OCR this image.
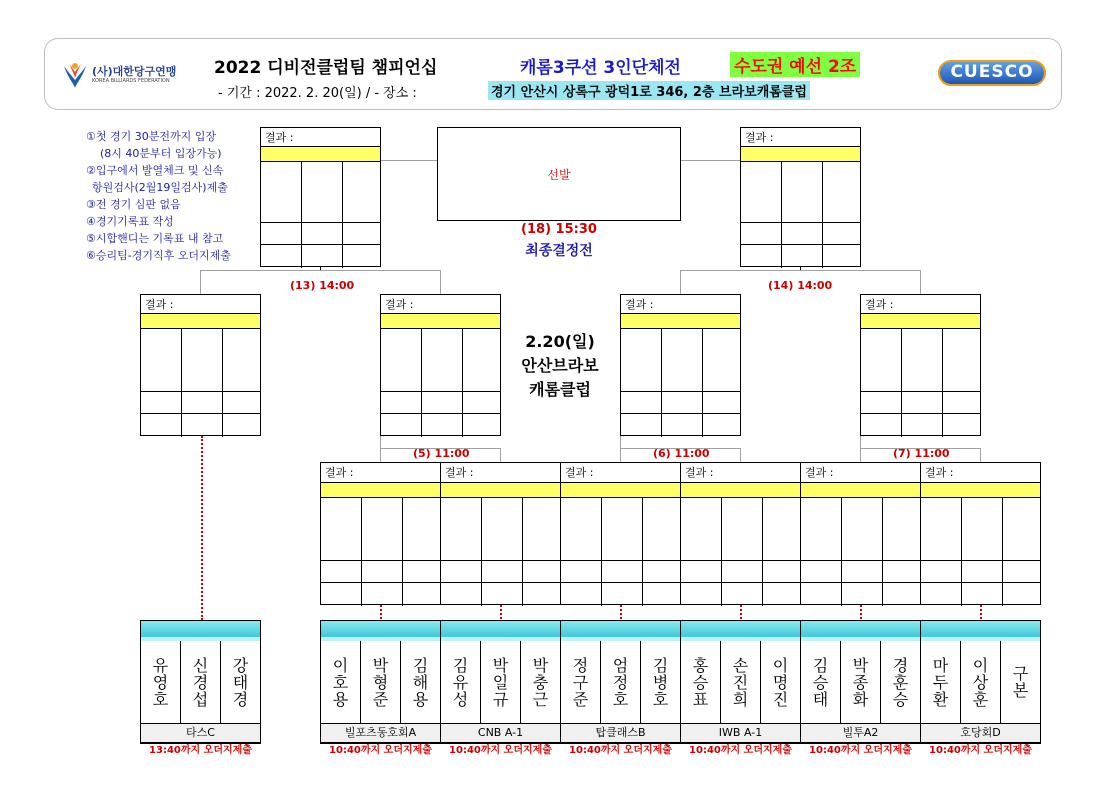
(사)대한당구연맹
KOREA BILLIARDS FEDERATION
2022 디비전클럽팀 챔피언십	캐롬3쿠션 3인단체전	수도권 예선 2조
- 기간 : 2022. 2. 20(일) / - 장소 :	경기 안산시 상록구 광덕1로 346, 2층 브라보캐롬클럽
CUESCO
①첫 경기 30분전까지 입장
(8시 40분부터 입장가능)
②입구에서 발열체크 및 신속
항원검사(2월19일검사)제출
③전 경기 심판 없음
④경기기록표 작성
⑤시합핸디는 기록표 내 참고
⑥승리팀-경기직후 오더지제출
(13) 14:00	(14) 14:00
(5) 11:00	(6) 11:00	(7) 11:00
선발
(18) 15:30
최종결정전
2.20(일)
안산브라보
캐롬클럽
결과 :	결과 :
결과 :	결과 :	결과 :	결과 :
결과 :	결과 :	결과 :	결과 :	결과 :	결과 :
유
영
호
신
경
섭
강
태
경
타스C
13:40까지 오더지제출
이
호
용
박
형
준
김
해
용
빌포츠동호회A
10:40까지 오더지제출
김
유
성
박
일
규
박
충
근
CNB A-1
10:40까지 오더지제출
정
구
준
엄
정
호
김
병
호
탑클래스B
10:40까지 오더지제출
홍
승
표
손
진
희
이
명
진
IWB A-1
10:40까지 오더지제출
김
승
태
박
종
화
경
훈
승
빌투A2
10:40까지 오더지제출
마
두
환
이
상
훈
구
본
호당회D
10:40까지 오더지제출
